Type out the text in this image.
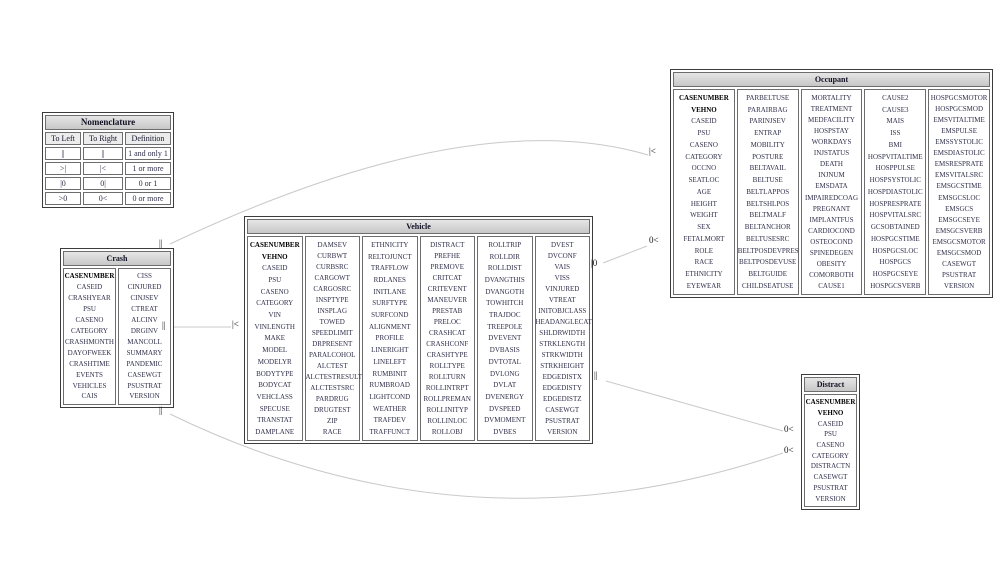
Nomenclature
To Left	To Right	Definition
||	||	1 and only 1
>|	|<	1 or more
|0	0|	0 or 1
>0	0<	0 or more
Crash
CASENUMBER
CASEID
CRASHYEAR
PSU
CASENO
CATEGORY
CRASHMONTH
DAYOFWEEK
CRASHTIME
EVENTS
VEHICLES
CAIS
CISS
CINJURED
CINJSEV
CTREAT
ALCINV
DRGINV
MANCOLL
SUMMARY
PANDEMIC
CASEWGT
PSUSTRAT
VERSION
Vehicle
CASENUMBER
VEHNO
CASEID
PSU
CASENO
CATEGORY
VIN
VINLENGTH
MAKE
MODEL
MODELYR
BODYTYPE
BODYCAT
VEHCLASS
SPECUSE
TRANSTAT
DAMPLANE
DAMSEV
CURBWT
CURBSRC
CARGOWT
CARGOSRC
INSPTYPE
INSPLAG
TOWED
SPEEDLIMIT
DRPRESENT
PARALCOHOL
ALCTEST
ALCTESTRESULT
ALCTESTSRC
PARDRUG
DRUGTEST
ZIP
RACE
ETHNICITY
RELTOJUNCT
TRAFFLOW
RDLANES
INITLANE
SURFTYPE
SURFCOND
ALIGNMENT
PROFILE
LINERIGHT
LINELEFT
RUMBINIT
RUMBROAD
LIGHTCOND
WEATHER
TRAFDEV
TRAFFUNCT
DISTRACT
PREFHE
PREMOVE
CRITCAT
CRITEVENT
MANEUVER
PRESTAB
PRELOC
CRASHCAT
CRASHCONF
CRASHTYPE
ROLLTYPE
ROLLTURN
ROLLINTRPT
ROLLPREMAN
ROLLINITYP
ROLLINLOC
ROLLOBJ
ROLLTRIP
ROLLDIR
ROLLDIST
DVANGTHIS
DVANGOTH
TOWHITCH
TRAJDOC
TREEPOLE
DVEVENT
DVBASIS
DVTOTAL
DVLONG
DVLAT
DVENERGY
DVSPEED
DVMOMENT
DVBES
DVEST
DVCONF
VAIS
VISS
VINJURED
VTREAT
INITOBJCLASS
HEADANGLECAT
SHLDRWIDTH
STRKLENGTH
STRKWIDTH
STRKHEIGHT
EDGEDISTX
EDGEDISTY
EDGEDISTZ
CASEWGT
PSUSTRAT
VERSION
Occupant
CASENUMBER
VEHNO
CASEID
PSU
CASENO
CATEGORY
OCCNO
SEATLOC
AGE
HEIGHT
WEIGHT
SEX
FETALMORT
ROLE
RACE
ETHNICITY
EYEWEAR
PARBELTUSE
PARAIRBAG
PARINJSEV
ENTRAP
MOBILITY
POSTURE
BELTAVAIL
BELTUSE
BELTLAPPOS
BELTSHLPOS
BELTMALF
BELTANCHOR
BELTUSESRC
BELTPOSDEVPRES
BELTPOSDEVUSE
BELTGUIDE
CHILDSEATUSE
MORTALITY
TREATMENT
MEDFACILITY
HOSPSTAY
WORKDAYS
INJSTATUS
DEATH
INJNUM
EMSDATA
IMPAIREDCOAG
PREGNANT
IMPLANTFUS
CARDIOCOND
OSTEOCOND
SPINEDEGEN
OBESITY
COMORBOTH
CAUSE1
CAUSE2
CAUSE3
MAIS
ISS
BMI
HOSPVITALTIME
HOSPPULSE
HOSPSYSTOLIC
HOSPDIASTOLIC
HOSPRESPRATE
HOSPVITALSRC
GCSOBTAINED
HOSPGCSTIME
HOSPGCSLOC
HOSPGCS
HOSPGCSEYE
HOSPGCSVERB
HOSPGCSMOTOR
HOSPGCSMOD
EMSVITALTIME
EMSPULSE
EMSSYSTOLIC
EMSDIASTOLIC
EMSRESPRATE
EMSVITALSRC
EMSGCSTIME
EMSGCSLOC
EMSGCS
EMSGCSEYE
EMSGCSVERB
EMSGCSMOTOR
EMSGCSMOD
CASEWGT
PSUSTRAT
VERSION
Distract
CASENUMBER
VEHNO
CASEID
PSU
CASENO
CATEGORY
DISTRACTN
CASEWGT
PSUSTRAT
VERSION
||
|<
||	|<
|0
0<
||
0<
||
0<
